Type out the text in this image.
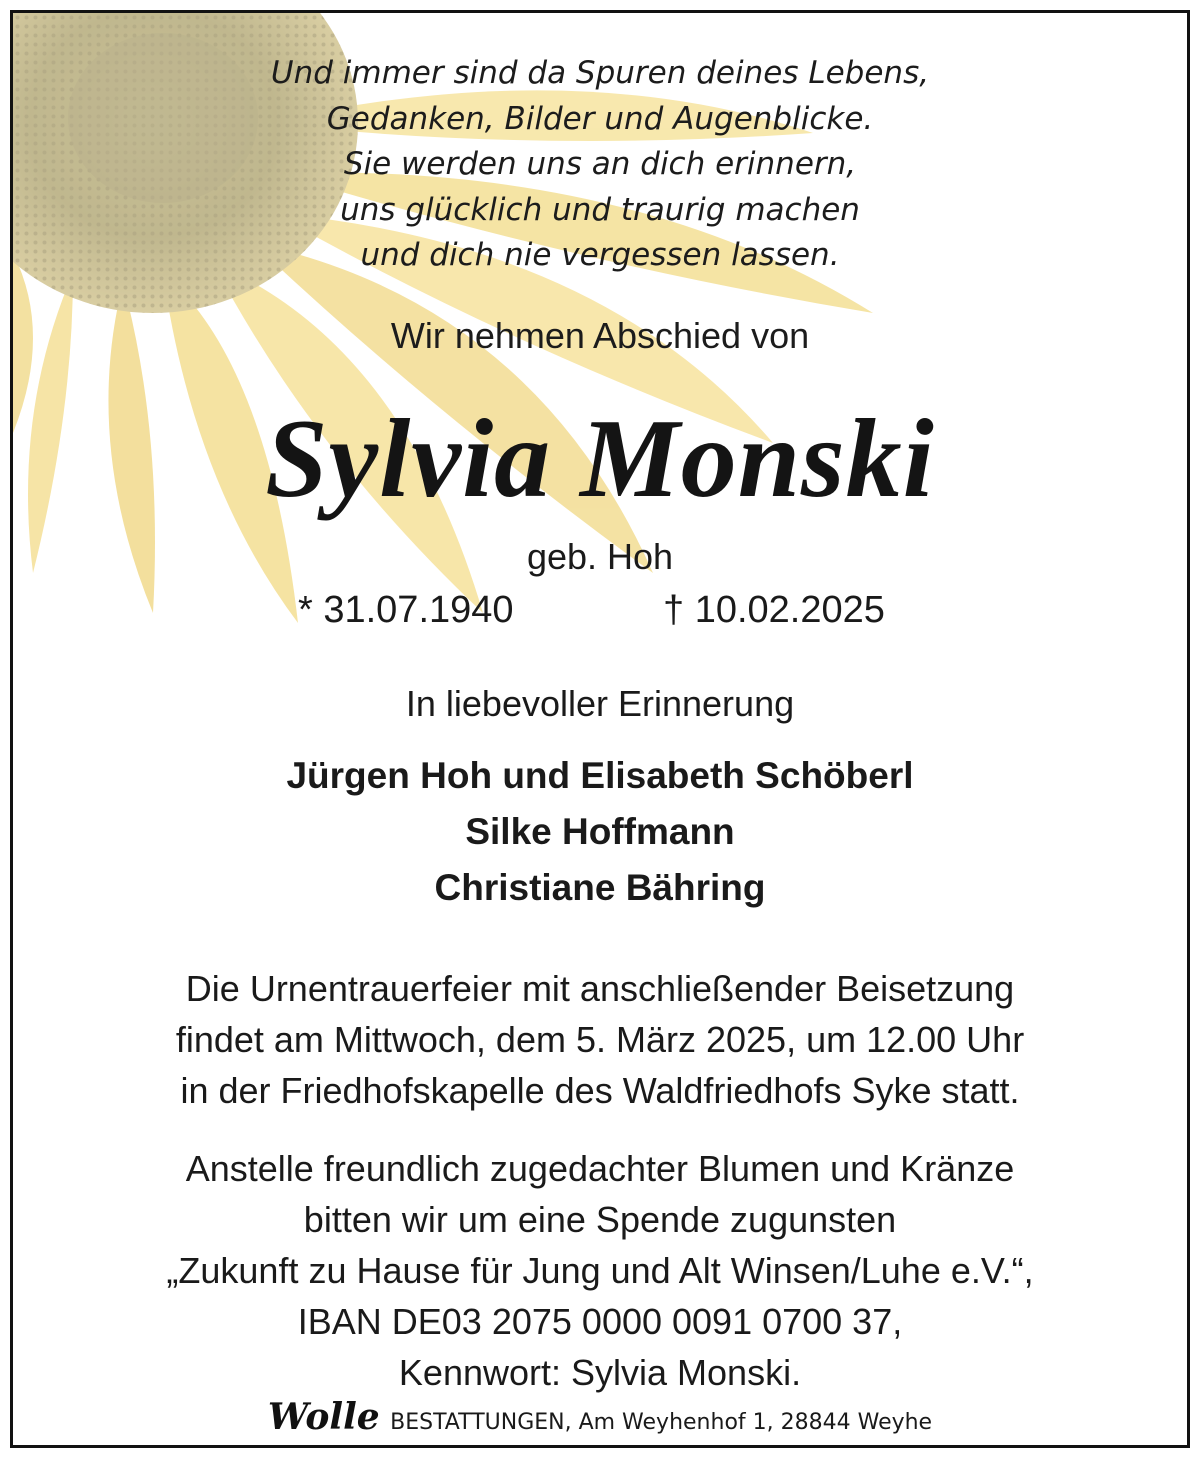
Und immer sind da Spuren deines Lebens,
Gedanken, Bilder und Augenblicke.
Sie werden uns an dich erinnern,
uns glücklich und traurig machen
und dich nie vergessen lassen.
Wir nehmen Abschied von
Sylvia Monski
geb. Hoh
* 31.07.1940	† 10.02.2025
In liebevoller Erinnerung
Jürgen Hoh und Elisabeth Schöberl
Silke Hoffmann
Christiane Bähring
Die Urnentrauerfeier mit anschließender Beisetzung
findet am Mittwoch, dem 5. März 2025, um 12.00 Uhr
in der Friedhofskapelle des Waldfriedhofs Syke statt.
Anstelle freundlich zugedachter Blumen und Kränze
bitten wir um eine Spende zugunsten
„Zukunft zu Hause für Jung und Alt Winsen/Luhe e.V.“,
IBAN DE03 2075 0000 0091 0700 37,
Kennwort: Sylvia Monski.
Wolle BESTATTUNGEN, Am Weyhenhof 1, 28844 Weyhe
